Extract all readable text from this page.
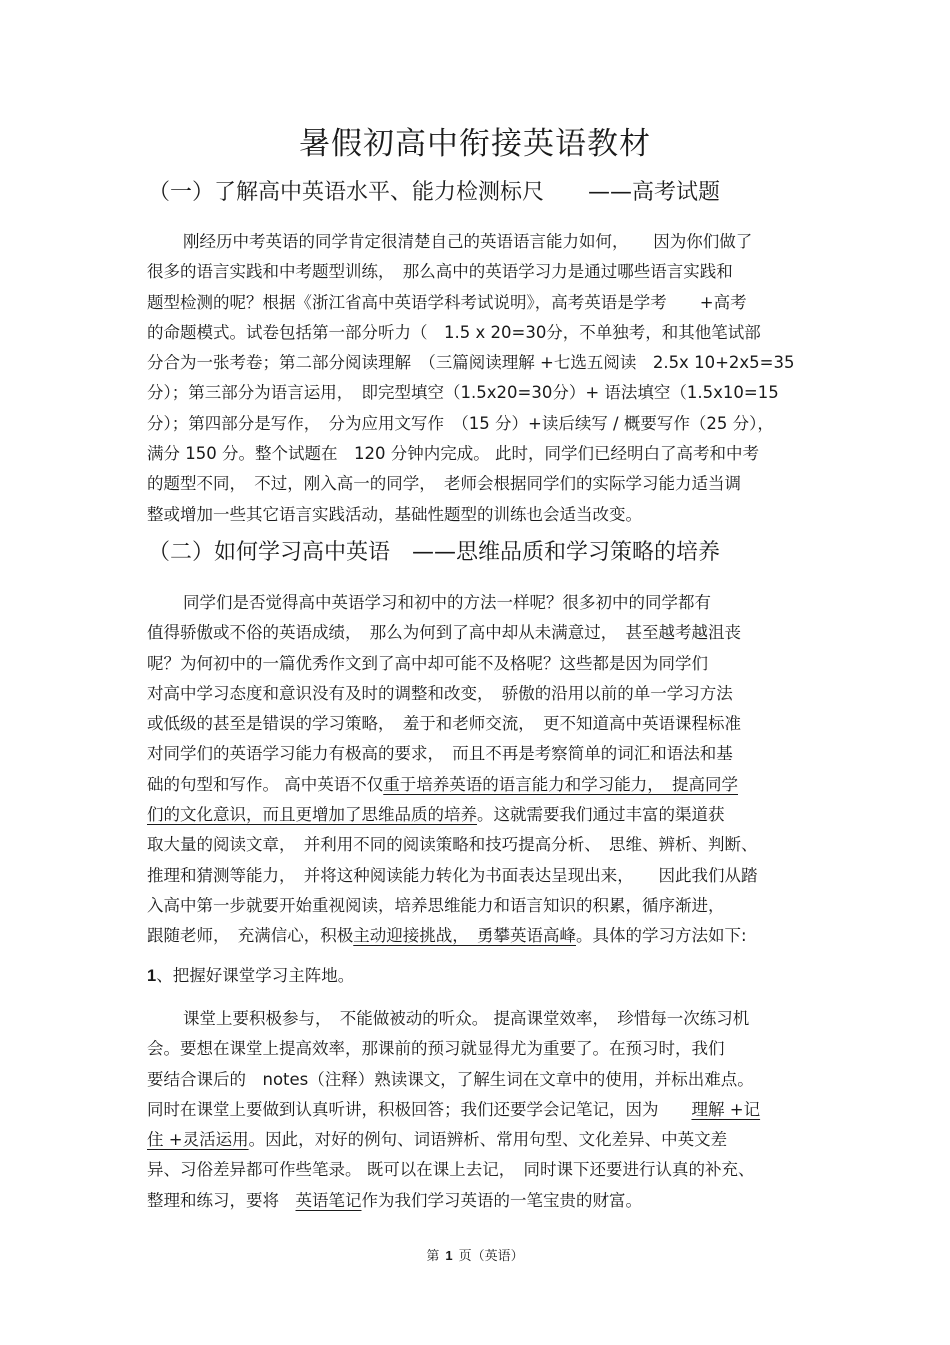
暑假初高中衔接英语教材
（一）了解高中英语水平、能力检测标尺　　——高考试题
刚经历中考英语的同学肯定很清楚自己的英语语言能力如何，　　因为你们做了
很多的语言实践和中考题型训练，　那么高中的英语学习力是通过哪些语言实践和
题型检测的呢？根据《浙江省高中英语学科考试说明》，高考英语是学考　　+高考
的命题模式。试卷包括第一部分听力（　1.5 x 20=30分，不单独考，和其他笔试部
分合为一张考卷；第二部分阅读理解　（三篇阅读理解 +七选五阅读　2.5x 10+2x5=35
分）；第三部分为语言运用，　即完型填空（1.5x20=30分）+ 语法填空（1.5x10=15
分）；第四部分是写作，　分为应用文写作　（15 分）+读后续写 / 概要写作（25 分），
满分 150 分。整个试题在　120 分钟内完成。 此时，同学们已经明白了高考和中考
的题型不同，　不过，刚入高一的同学，　老师会根据同学们的实际学习能力适当调
整或增加一些其它语言实践活动，基础性题型的训练也会适当改变。
（二）如何学习高中英语　——思维品质和学习策略的培养
同学们是否觉得高中英语学习和初中的方法一样呢？很多初中的同学都有
值得骄傲或不俗的英语成绩，　那么为何到了高中却从未满意过，　甚至越考越沮丧
呢？为何初中的一篇优秀作文到了高中却可能不及格呢？这些都是因为同学们
对高中学习态度和意识没有及时的调整和改变，　骄傲的沿用以前的单一学习方法
或低级的甚至是错误的学习策略，　羞于和老师交流，　更不知道高中英语课程标准
对同学们的英语学习能力有极高的要求，　而且不再是考察简单的词汇和语法和基
础的句型和写作。 高中英语不仅重于培养英语的语言能力和学习能力，　提高同学
们的文化意识，而且更增加了思维品质的培养。这就需要我们通过丰富的渠道获
取大量的阅读文章，　并利用不同的阅读策略和技巧提高分析、　思维、辨析、判断、
推理和猜测等能力，　并将这种阅读能力转化为书面表达呈现出来，　　因此我们从踏
入高中第一步就要开始重视阅读，培养思维能力和语言知识的积累，循序渐进，
跟随老师，　充满信心，积极主动迎接挑战，　勇攀英语高峰。具体的学习方法如下:
1、把握好课堂学习主阵地。
课堂上要积极参与，　不能做被动的听众。 提高课堂效率，　珍惜每一次练习机
会。要想在课堂上提高效率，那课前的预习就显得尤为重要了。在预习时，我们
要结合课后的　notes（注释）熟读课文，了解生词在文章中的使用，并标出难点。
同时在课堂上要做到认真听讲，积极回答；我们还要学会记笔记，因为　　理解 +记
住 +灵活运用。因此，对好的例句、词语辨析、常用句型、文化差异、中英文差
异、习俗差异都可作些笔录。 既可以在课上去记，　同时课下还要进行认真的补充、
整理和练习，要将　英语笔记作为我们学习英语的一笔宝贵的财富。
第 1 页（英语）
